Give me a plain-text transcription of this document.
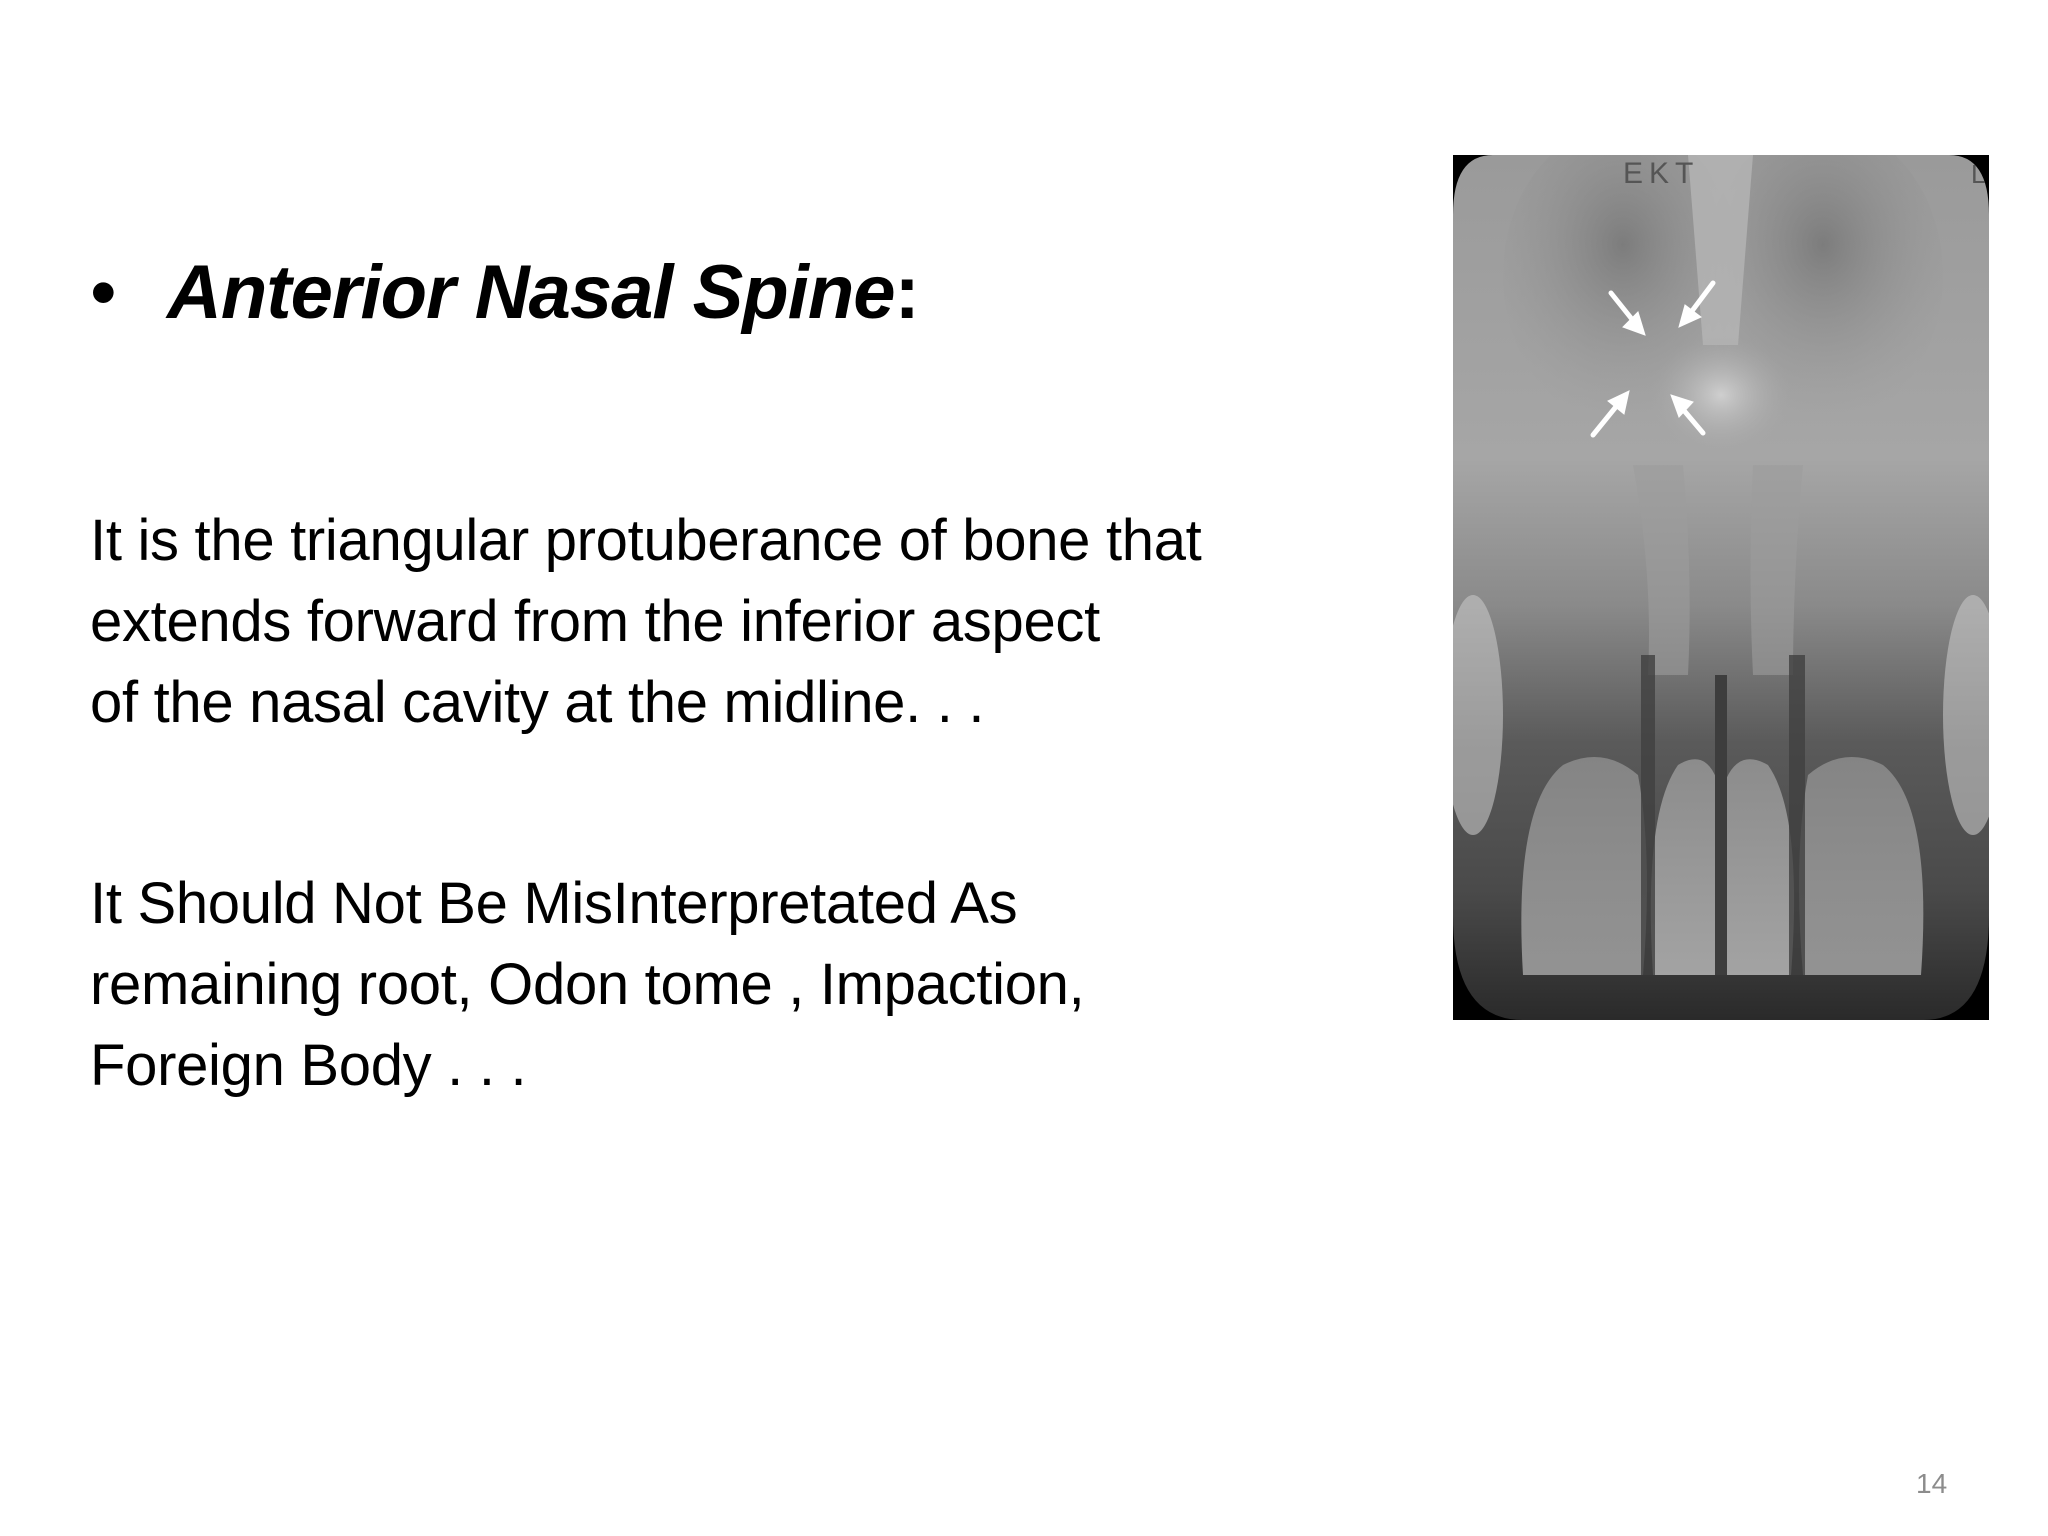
• Anterior Nasal Spine:
It is the triangular protuberance of bone that
extends forward from the inferior aspect
of the nasal cavity at the midline. . .
It Should Not Be MisInterpretated As
remaining root, Odon tome , Impaction,
Foreign Body . . .
EKT	L
14
